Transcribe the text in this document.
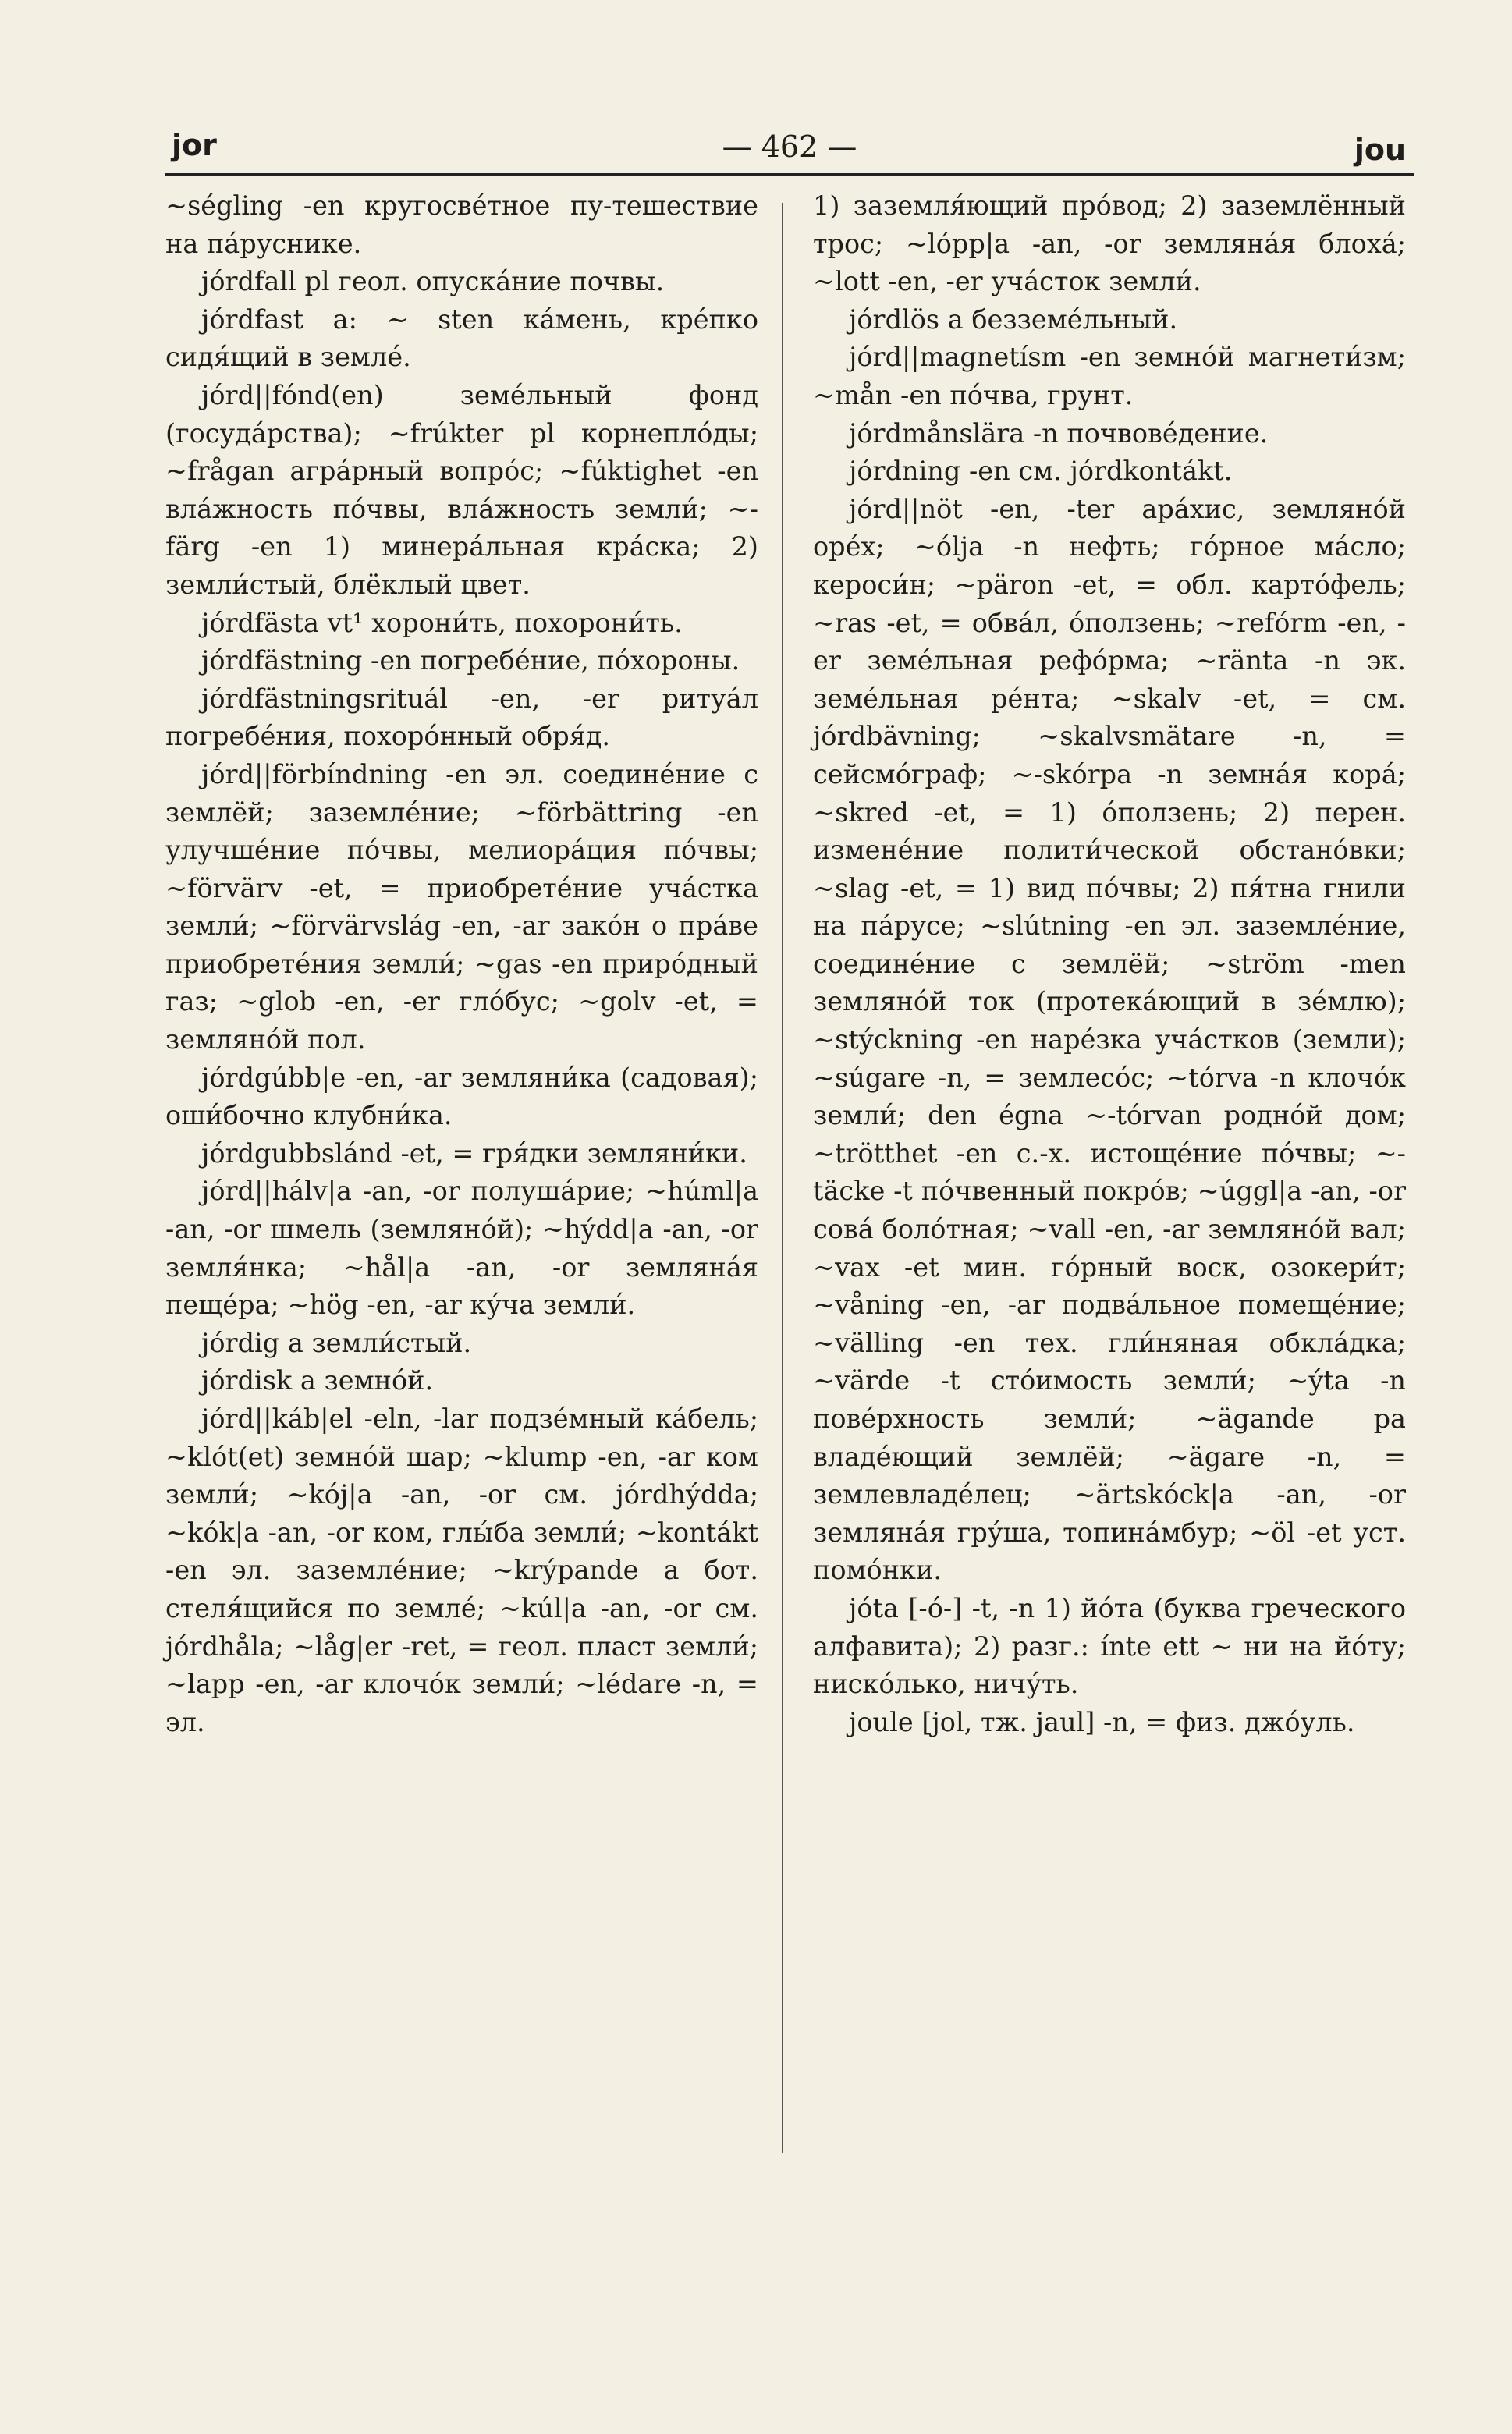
jor	— 462 —	jou

~ségling -en кругосве́тное пу-тешествие на па́руснике.

jórdfall pl геол. опуска́ние почвы.

jórdfast a: ~ sten ка́мень, кре́пко сидя́щий в земле́.

jórd||fónd(en) земе́льный фонд (госуда́рства); ~frúkter pl корнепло́ды; ~frågan агра́рный вопро́с; ~fúktighet -en вла́жность по́чвы, вла́жность земли́; ~-färg -en 1) минера́льная кра́ска; 2) земли́стый, блёклый цвет.

jórdfästa vt¹ хорони́ть, похорони́ть.

jórdfästning -en погребе́ние, по́хороны.

jórdfästningsrituál -en, -er ритуа́л погребе́ния, похоро́нный обря́д.

jórd||förbíndning -en эл. соедине́ние с землёй; заземле́ние; ~förbättring -en улучше́ние по́чвы, мелиора́ция по́чвы; ~förvärv -et, = приобрете́ние уча́стка земли́; ~förvärvslág -en, -ar зако́н о пра́ве приобрете́ния земли́; ~gas -en приро́дный газ; ~glob -en, -er гло́бус; ~golv -et, = земляно́й пол.

jórdgúbb|e -en, -ar земляни́ка (садовая); оши́бочно клубни́ка.

jórdgubbslánd -et, = гря́дки земляни́ки.

jórd||hálv|a -an, -or полуша́рие; ~húml|a -an, -or шмель (земляно́й); ~hýdd|a -an, -or земля́нка; ~hål|a -an, -or земляна́я пеще́ра; ~hög -en, -ar ку́ча земли́.

jórdig a земли́стый.

jórdisk a земно́й.

jórd||káb|el -eln, -lar подзе́мный ка́бель; ~klót(et) земно́й шар; ~klump -en, -ar ком земли́; ~kój|a -an, -or см. jórdhýdda; ~kók|a -an, -or ком, глы́ба земли́; ~kontákt -en эл. заземле́ние; ~krýpande a бот. стеля́щийся по земле́; ~kúl|a -an, -or см. jórdhåla; ~låg|er -ret, = геол. пласт земли́; ~lapp -en, -ar клочо́к земли́; ~lédare -n, = эл.

1) заземля́ющий про́вод; 2) заземлённый трос; ~lópp|a -an, -or земляна́я блоха́; ~lott -en, -er уча́сток земли́.

jórdlös a безземе́льный.

jórd||magnetísm -en земно́й магнети́зм; ~mån -en по́чва, грунт.

jórdmånslära -n почвове́дение.

jórdning -en см. jórdkontákt.

jórd||nöt -en, -ter ара́хис, земляно́й оре́х; ~ólja -n нефть; го́рное ма́сло; кероси́н; ~päron -et, = обл. карто́фель; ~ras -et, = обва́л, о́ползень; ~refórm -en, -er земе́льная рефо́рма; ~ränta -n эк. земе́льная ре́нта; ~skalv -et, = см. jórdbävning; ~skalvsmätare -n, = сейсмо́граф; ~-skórpa -n земна́я кора́; ~skred -et, = 1) о́ползень; 2) перен. измене́ние полити́ческой обстано́вки; ~slag -et, = 1) вид по́чвы; 2) пя́тна гнили на па́русе; ~slútning -en эл. заземле́ние, соедине́ние с землёй; ~ström -men земляно́й ток (протека́ющий в зе́млю); ~stýckning -en наре́зка уча́стков (земли); ~súgare -n, = землесо́с; ~tórva -n клочо́к земли́; den égna ~-tórvan родно́й дом; ~trötthet -en с.-х. истоще́ние по́чвы; ~-täcke -t по́чвенный покро́в; ~úggl|a -an, -or сова́ боло́тная; ~vall -en, -ar земляно́й вал; ~vax -et мин. го́рный воск, озокери́т; ~våning -en, -ar подва́льное помеще́ние; ~välling -en тех. гли́няная обкла́дка; ~värde -t сто́имость земли́; ~ýta -n пове́рхность земли́; ~ägande pa владе́ющий землёй; ~ägare -n, = землевладе́лец; ~ärtskóck|a -an, -or земляна́я гру́ша, топина́мбур; ~öl -et уст. помо́нки.

jóta [-ó-] -t, -n 1) йо́та (буква греческого алфавита); 2) разг.: ínte ett ~ ни на йо́ту; ниско́лько, ничу́ть.

joule [jol, тж. jaul] -n, = физ. джо́уль.
